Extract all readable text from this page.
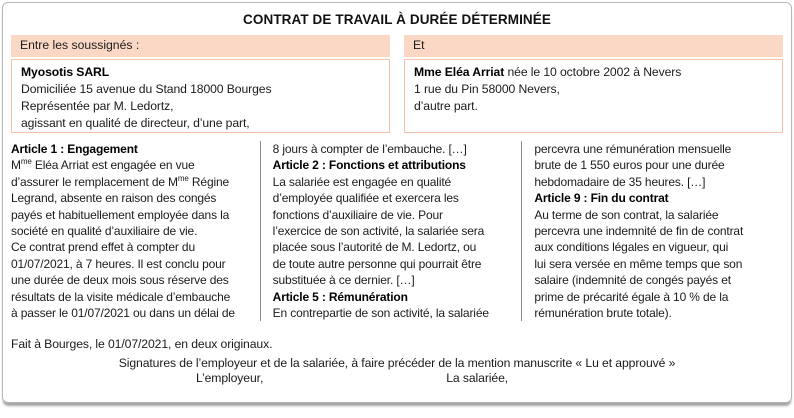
CONTRAT DE TRAVAIL À DURÉE DÉTERMINÉE
Entre les soussignés :
Myosotis SARL
Domiciliée 15 avenue du Stand 18000 Bourges
Représentée par M. Ledortz,
agissant en qualité de directeur, d’une part,
Et
Mme Eléa Arriat née le 10 octobre 2002 à Nevers
1 rue du Pin 58000 Nevers,
d’autre part.
Article 1 : Engagement
$M^{me}$ Eléa Arriat est engagée en vue
d’assurer le remplacement de $M^{me}$ Régine
Legrand, absente en raison des congés
payés et habituellement employée dans la
société en qualité d’auxiliaire de vie.
Ce contrat prend effet à compter du
01/07/2021, à 7 heures. Il est conclu pour
une durée de deux mois sous réserve des
résultats de la visite médicale d’embauche
à passer le 01/07/2021 ou dans un délai de
8 jours à compter de l’embauche. […]
Article 2 : Fonctions et attributions
La salariée est engagée en qualité
d’employée qualifiée et exercera les
fonctions d’auxiliaire de vie. Pour
l’exercice de son activité, la salariée sera
placée sous l’autorité de M. Ledortz, ou
de toute autre personne qui pourrait être
substituée à ce dernier. […]
Article 5 : Rémunération
En contrepartie de son activité, la salariée
percevra une rémunération mensuelle
brute de 1 550 euros pour une durée
hebdomadaire de 35 heures. […]
Article 9 : Fin du contrat
Au terme de son contrat, la salariée
percevra une indemnité de fin de contrat
aux conditions légales en vigueur, qui
lui sera versée en même temps que son
salaire (indemnité de congés payés et
prime de précarité égale à 10 % de la
rémunération brute totale).
Fait à Bourges, le 01/07/2021, en deux originaux.
Signatures de l’employeur et de la salariée, à faire précéder de la mention manuscrite « Lu et approuvé »
L’employeur,	La salariée,
